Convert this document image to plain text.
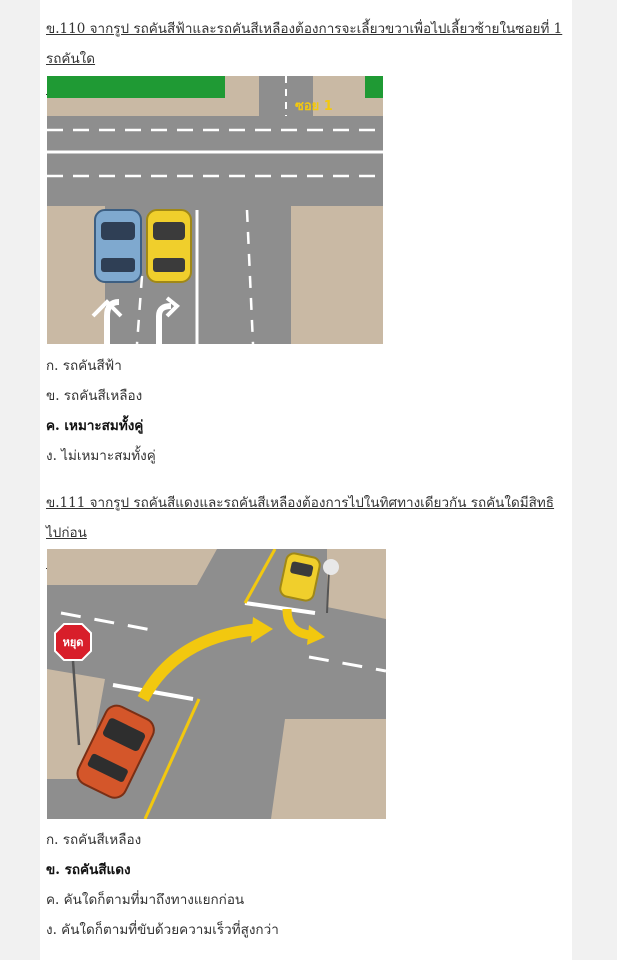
ข.110 จากรูป รถคันสีฟ้าและรถคันสีเหลืองต้องการจะเลี้ยวขวาเพื่อไปเลี้ยวซ้ายในซอยที่ 1 รถคันใด
ซอย 1
ก. รถคันสีฟ้า
ข. รถคันสีเหลือง
ค. เหมาะสมทั้งคู่
ง. ไม่เหมาะสมทั้งคู่
ข.111 จากรูป รถคันสีแดงและรถคันสีเหลืองต้องการไปในทิศทางเดียวกัน รถคันใดมีสิทธิไปก่อน
หยุด
ก. รถคันสีเหลือง
ข. รถคันสีแดง
ค. คันใดก็ตามที่มาถึงทางแยกก่อน
ง. คันใดก็ตามที่ขับด้วยความเร็วที่สูงกว่า
